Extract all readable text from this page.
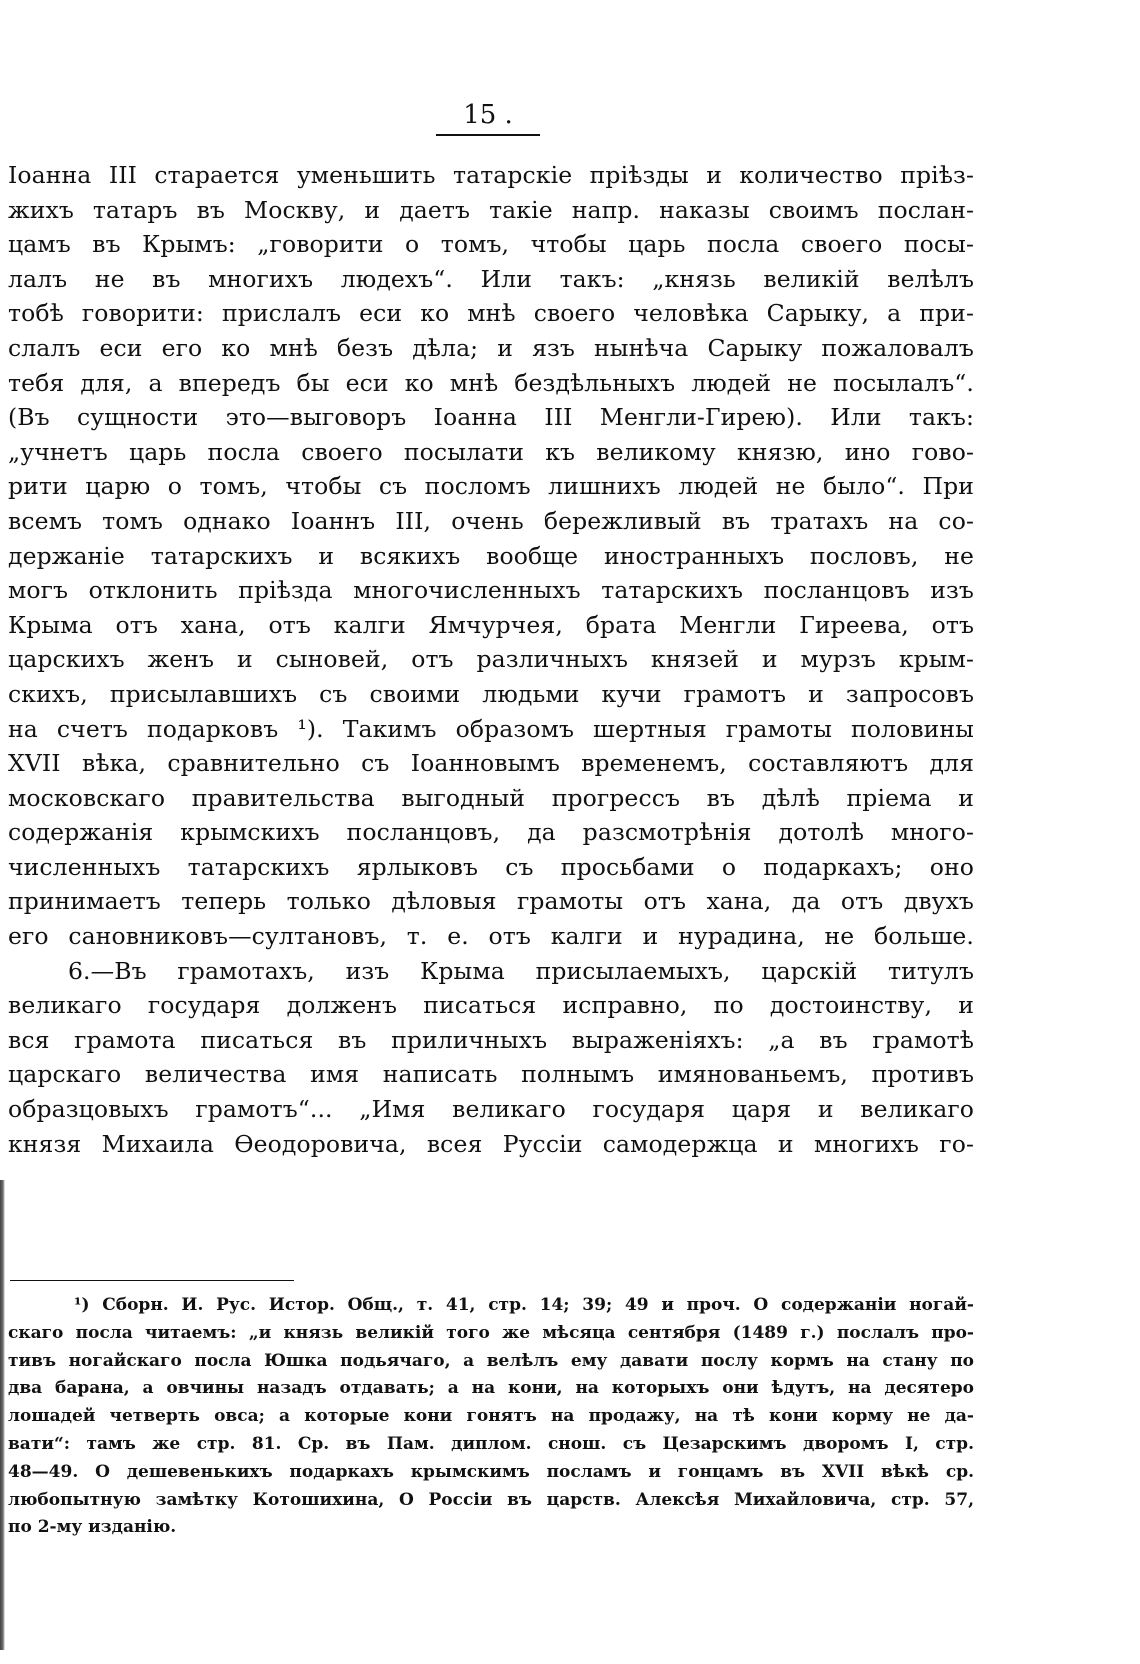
15 .
Іоанна III старается уменьшить татарскіе пріѣзды и количество пріѣз-
жихъ татаръ въ Москву, и даетъ такіе напр. наказы своимъ послан-
цамъ въ Крымъ: „говорити о томъ, чтобы царь посла своего посы-
лалъ не въ многихъ людехъ“. Или такъ: „князь великій велѣлъ
тобѣ говорити: прислалъ еси ко мнѣ своего человѣка Сарыку, а при-
слалъ еси его ко мнѣ безъ дѣла; и язъ нынѣча Сарыку пожаловалъ
тебя для, а впередъ бы еси ко мнѣ бездѣльныхъ людей не посылалъ“.
(Въ сущности это—выговоръ Іоанна III Менгли-Гирею). Или такъ:
„учнетъ царь посла своего посылати къ великому князю, ино гово-
рити царю о томъ, чтобы съ посломъ лишнихъ людей не было“. При
всемъ томъ однако Іоаннъ III, очень бережливый въ тратахъ на со-
держаніе татарскихъ и всякихъ вообще иностранныхъ пословъ, не
могъ отклонить пріѣзда многочисленныхъ татарскихъ посланцовъ изъ
Крыма отъ хана, отъ калги Ямчурчея, брата Менгли Гиреева, отъ
царскихъ женъ и сыновей, отъ различныхъ князей и мурзъ крым-
скихъ, присылавшихъ съ своими людьми кучи грамотъ и запросовъ
на счетъ подарковъ ¹). Такимъ образомъ шертныя грамоты половины
XVII вѣка, сравнительно съ Іоанновымъ временемъ, составляютъ для
московскаго правительства выгодный прогрессъ въ дѣлѣ пріема и
содержанія крымскихъ посланцовъ, да разсмотрѣнія дотолѣ много-
численныхъ татарскихъ ярлыковъ съ просьбами о подаркахъ; оно
принимаетъ теперь только дѣловыя грамоты отъ хана, да отъ двухъ
его сановниковъ—султановъ, т. е. отъ калги и нурадина, не больше.
6.—Въ грамотахъ, изъ Крыма присылаемыхъ, царскій титулъ
великаго государя долженъ писаться исправно, по достоинству, и
вся грамота писаться въ приличныхъ выраженіяхъ: „а въ грамотѣ
царскаго величества имя написать полнымъ имянованьемъ, противъ
образцовыхъ грамотъ“... „Имя великаго государя царя и великаго
князя Михаила Ѳеодоровича, всея Руссіи самодержца и многихъ го-
¹) Сборн. И. Рус. Истор. Общ., т. 41, стр. 14; 39; 49 и проч. О содержаніи ногай-
скаго посла читаемъ: „и князь великій того же мѣсяца сентября (1489 г.) послалъ про-
тивъ ногайскаго посла Юшка подьячаго, а велѣлъ ему давати послу кормъ на стану по
два барана, а овчины назадъ отдавать; а на кони, на которыхъ они ѣдутъ, на десятеро
лошадей четверть овса; а которые кони гонятъ на продажу, на тѣ кони корму не да-
вати“: тамъ же стр. 81. Ср. въ Пам. диплом. снош. съ Цезарскимъ дворомъ I, стр.
48—49. О дешевенькихъ подаркахъ крымскимъ посламъ и гонцамъ въ XVII вѣкѣ ср.
любопытную замѣтку Котошихина, О Россіи въ царств. Алексѣя Михайловича, стр. 57,
по 2-му изданію.
